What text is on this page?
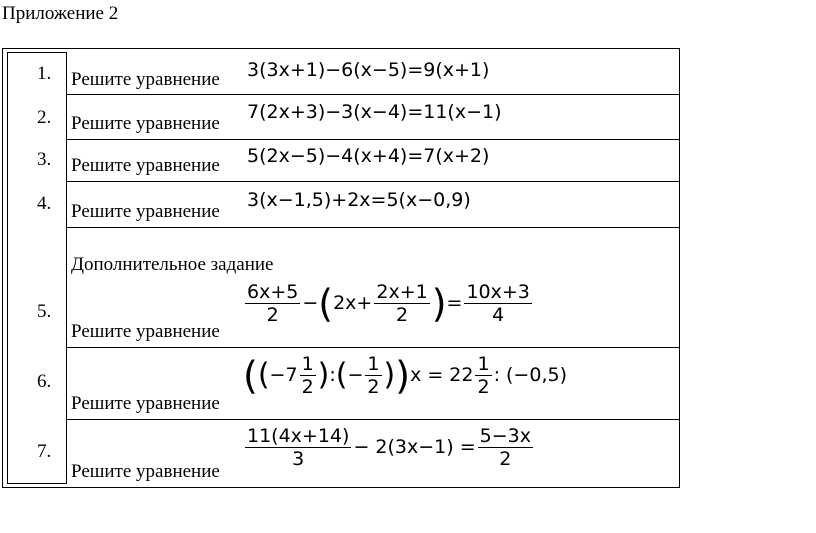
Приложение 2
1. Решите уравнение 3(3x+1)−6(x−5)=9(x+1)
2. Решите уравнение
7(2x+3)−3(x−4)=11(x−1)
3. Решите уравнение 5(2x−5)−4(x+4)=7(x+2)
4. Решите уравнение
3(x−1,5)+2x=5(x−0,9)
Дополнительное задание
5.
Решите уравнение
$\frac{6x+5}{2} -(2x+ \frac{2x+1}{2}$ )= $\frac{10x+3}{4}$
6.
Решите уравнение
(($-7 \frac{1}{2}$ ):(− $\frac{1}{2} ))x = 22 \frac{1}{2}$ : (−0,5)
7.
Решите уравнение
$\frac{11(4x+14)}{3} - 2(3x-1) = \frac{5-3x}{2}$
